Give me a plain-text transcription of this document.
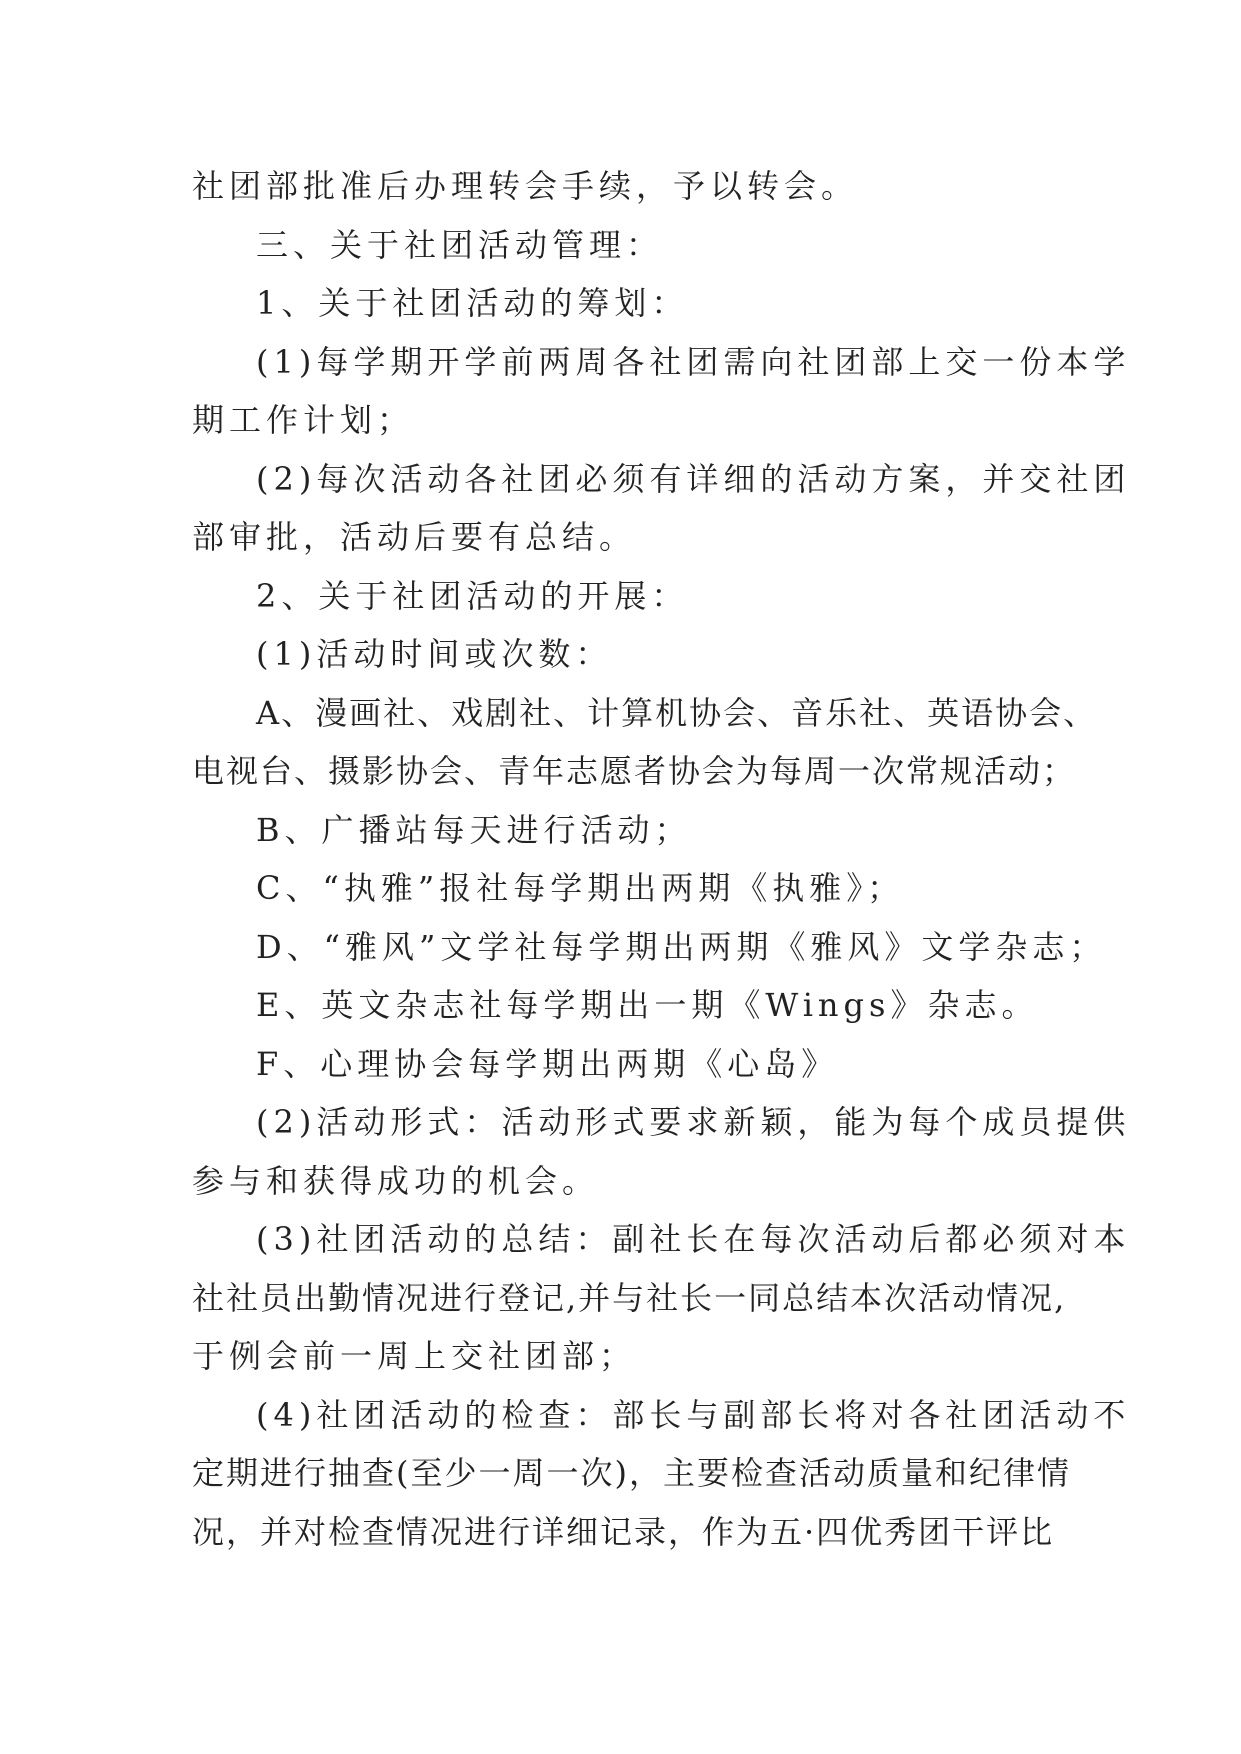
社团部批准后办理转会手续，予以转会。
三、关于社团活动管理：
1、关于社团活动的筹划：
(1)每学期开学前两周各社团需向社团部上交一份本学
期工作计划；
(2)每次活动各社团必须有详细的活动方案，并交社团
部审批，活动后要有总结。
2、关于社团活动的开展：
(1)活动时间或次数：
A、漫画社、戏剧社、计算机协会、音乐社、英语协会、
电视台、摄影协会、青年志愿者协会为每周一次常规活动；
B、广播站每天进行活动；
C、“执雅”报社每学期出两期《执雅》；
D、“雅风”文学社每学期出两期《雅风》文学杂志；
E、英文杂志社每学期出一期《Wings》杂志。
F、心理协会每学期出两期《心岛》
(2)活动形式：活动形式要求新颖，能为每个成员提供
参与和获得成功的机会。
(3)社团活动的总结：副社长在每次活动后都必须对本
社社员出勤情况进行登记,并与社长一同总结本次活动情况,
于例会前一周上交社团部；
(4)社团活动的检查：部长与副部长将对各社团活动不
定期进行抽查(至少一周一次)，主要检查活动质量和纪律情
况，并对检查情况进行详细记录，作为五·四优秀团干评比
